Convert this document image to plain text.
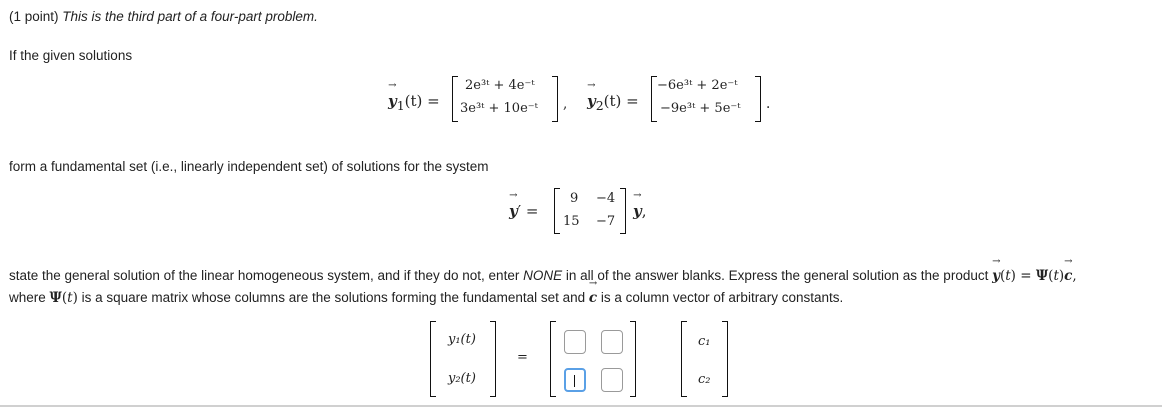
(1 point) This is the third part of a four-part problem.
If the given solutions
$y \to_1(t)$ =
2e³ᵗ + 4e⁻ᵗ
3e³ᵗ + 10e⁻ᵗ , $y \to_2(t)$ =
−6e³ᵗ + 2e⁻ᵗ
−9e³ᵗ + 5e⁻ᵗ .
form a fundamental set (i.e., linearly independent set) of solutions for the system
y →′ =
9 −4
15 −7
y →,
state the general solution of the linear homogeneous system, and if they do not, enter NONE in all of the answer blanks. Express the general solution as the product y →(t) = Ψ(t)c →,
where Ψ(t) is a square matrix whose columns are the solutions forming the fundamental set and c → is a column vector of arbitrary constants.
y₁(t)
y₂(t)
=
c₁
c₂
